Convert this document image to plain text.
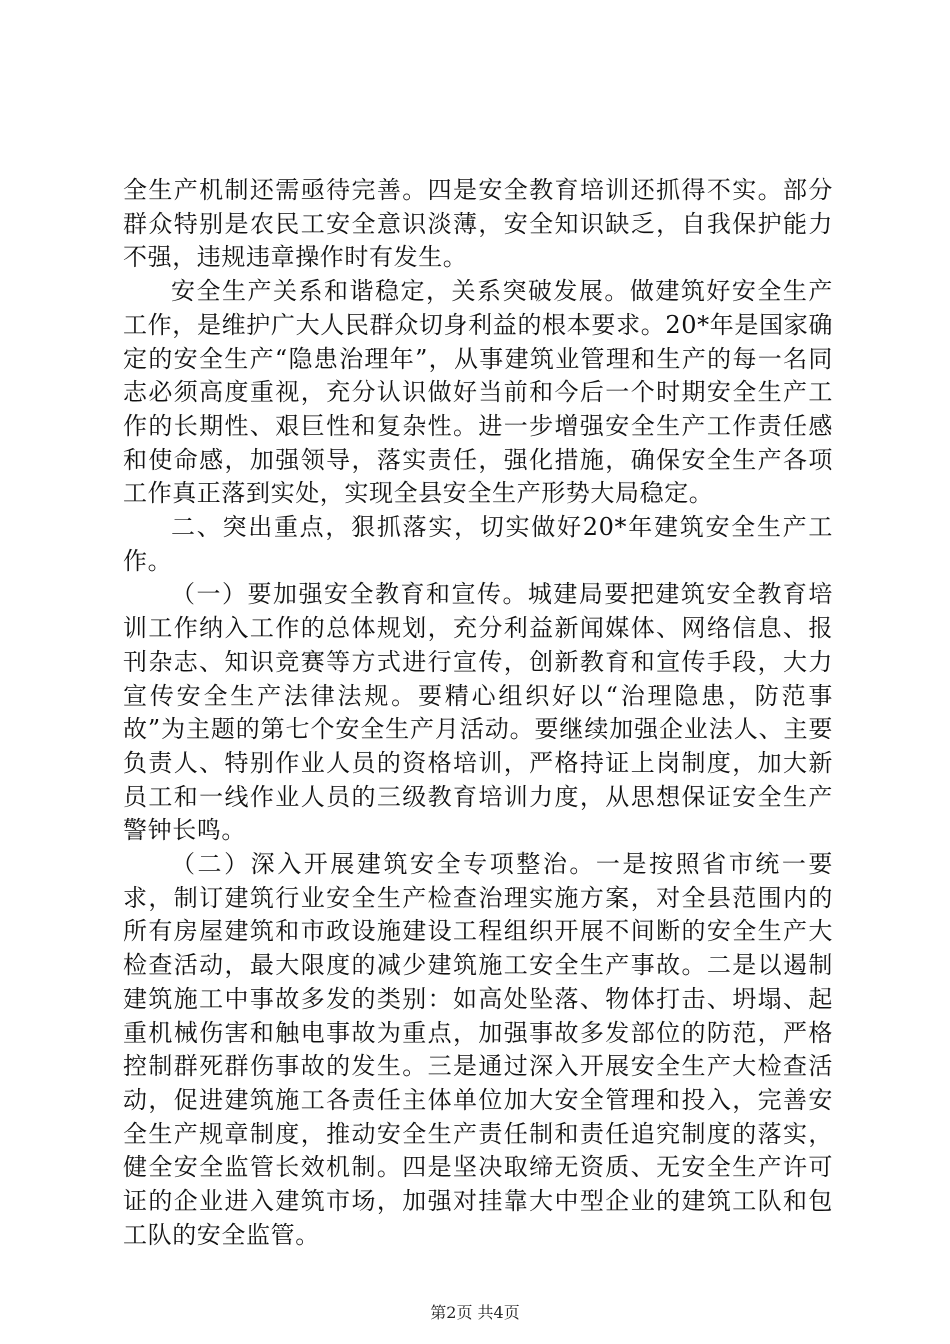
全生产机制还需亟待完善。四是安全教育培训还抓得不实。部分群众特别是农民工安全意识淡薄，安全知识缺乏，自我保护能力不强，违规违章操作时有发生。

安全生产关系和谐稳定，关系突破发展。做建筑好安全生产工作，是维护广大人民群众切身利益的根本要求。20*年是国家确定的安全生产“隐患治理年”，从事建筑业管理和生产的每一名同志必须高度重视，充分认识做好当前和今后一个时期安全生产工作的长期性、艰巨性和复杂性。进一步增强安全生产工作责任感和使命感，加强领导，落实责任，强化措施，确保安全生产各项工作真正落到实处，实现全县安全生产形势大局稳定。

二、突出重点，狠抓落实，切实做好20*年建筑安全生产工作。

（一）要加强安全教育和宣传。城建局要把建筑安全教育培训工作纳入工作的总体规划，充分利益新闻媒体、网络信息、报刊杂志、知识竞赛等方式进行宣传，创新教育和宣传手段，大力宣传安全生产法律法规。要精心组织好以“治理隐患，防范事故”为主题的第七个安全生产月活动。要继续加强企业法人、主要负责人、特别作业人员的资格培训，严格持证上岗制度，加大新员工和一线作业人员的三级教育培训力度，从思想保证安全生产警钟长鸣。

（二）深入开展建筑安全专项整治。一是按照省市统一要求，制订建筑行业安全生产检查治理实施方案，对全县范围内的所有房屋建筑和市政设施建设工程组织开展不间断的安全生产大检查活动，最大限度的减少建筑施工安全生产事故。二是以遏制建筑施工中事故多发的类别：如高处坠落、物体打击、坍塌、起重机械伤害和触电事故为重点，加强事故多发部位的防范，严格控制群死群伤事故的发生。三是通过深入开展安全生产大检查活动，促进建筑施工各责任主体单位加大安全管理和投入，完善安全生产规章制度，推动安全生产责任制和责任追究制度的落实，健全安全监管长效机制。四是坚决取缔无资质、无安全生产许可证的企业进入建筑市场，加强对挂靠大中型企业的建筑工队和包工队的安全监管。

第2页 共4页
